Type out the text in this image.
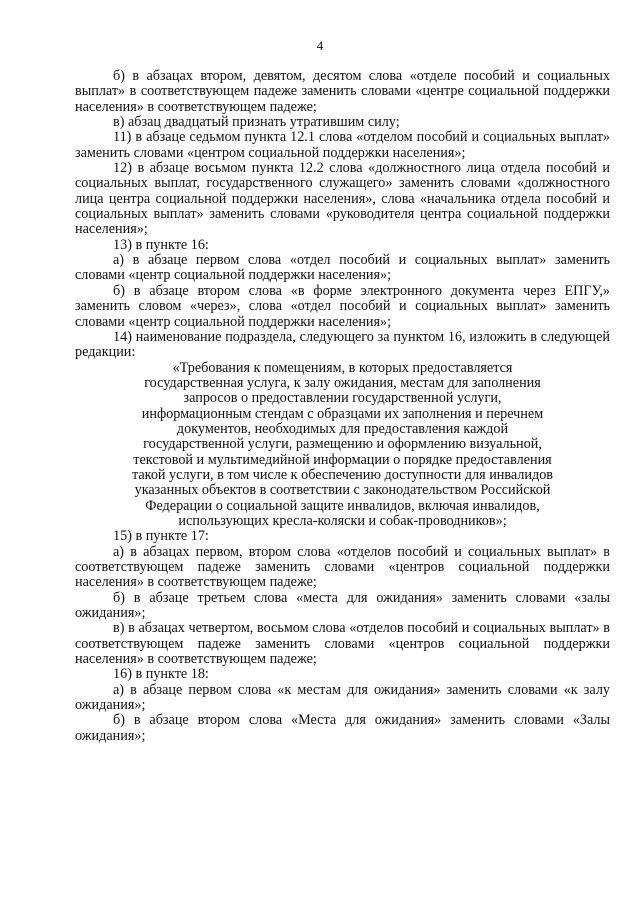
4

б) в абзацах втором, девятом, десятом слова «отделе пособий и социальных выплат» в соответствующем падеже заменить словами «центре социальной поддержки населения» в соответствующем падеже;

в) абзац двадцатый признать утратившим силу;

11) в абзаце седьмом пункта 12.1 слова «отделом пособий и социальных выплат» заменить словами «центром социальной поддержки населения»;

12) в абзаце восьмом пункта 12.2 слова «должностного лица отдела пособий и социальных выплат, государственного служащего» заменить словами «должностного лица центра социальной поддержки населения», слова «начальника отдела пособий и социальных выплат» заменить словами «руководителя центра социальной поддержки населения»;

13) в пункте 16:

а) в абзаце первом слова «отдел пособий и социальных выплат» заменить словами «центр социальной поддержки населения»;

б) в абзаце втором слова «в форме электронного документа через ЕПГУ,» заменить словом «через», слова «отдел пособий и социальных выплат» заменить словами «центр социальной поддержки населения»;

14) наименование подраздела, следующего за пунктом 16, изложить в следующей редакции:

«Требования к помещениям, в которых предоставляется государственная услуга, к залу ожидания, местам для заполнения запросов о предоставлении государственной услуги, информационным стендам с образцами их заполнения и перечнем документов, необходимых для предоставления каждой государственной услуги, размещению и оформлению визуальной, текстовой и мультимедийной информации о порядке предоставления такой услуги, в том числе к обеспечению доступности для инвалидов указанных объектов в соответствии с законодательством Российской Федерации о социальной защите инвалидов, включая инвалидов, использующих кресла-коляски и собак-проводников»;

15) в пункте 17:

а) в абзацах первом, втором слова «отделов пособий и социальных выплат» в соответствующем падеже заменить словами «центров социальной поддержки населения» в соответствующем падеже;

б) в абзаце третьем слова «места для ожидания» заменить словами «залы ожидания»;

в) в абзацах четвертом, восьмом слова «отделов пособий и социальных выплат» в соответствующем падеже заменить словами «центров социальной поддержки населения» в соответствующем падеже;

16) в пункте 18:

а) в абзаце первом слова «к местам для ожидания» заменить словами «к залу ожидания»;

б) в абзаце втором слова «Места для ожидания» заменить словами «Залы ожидания»;
